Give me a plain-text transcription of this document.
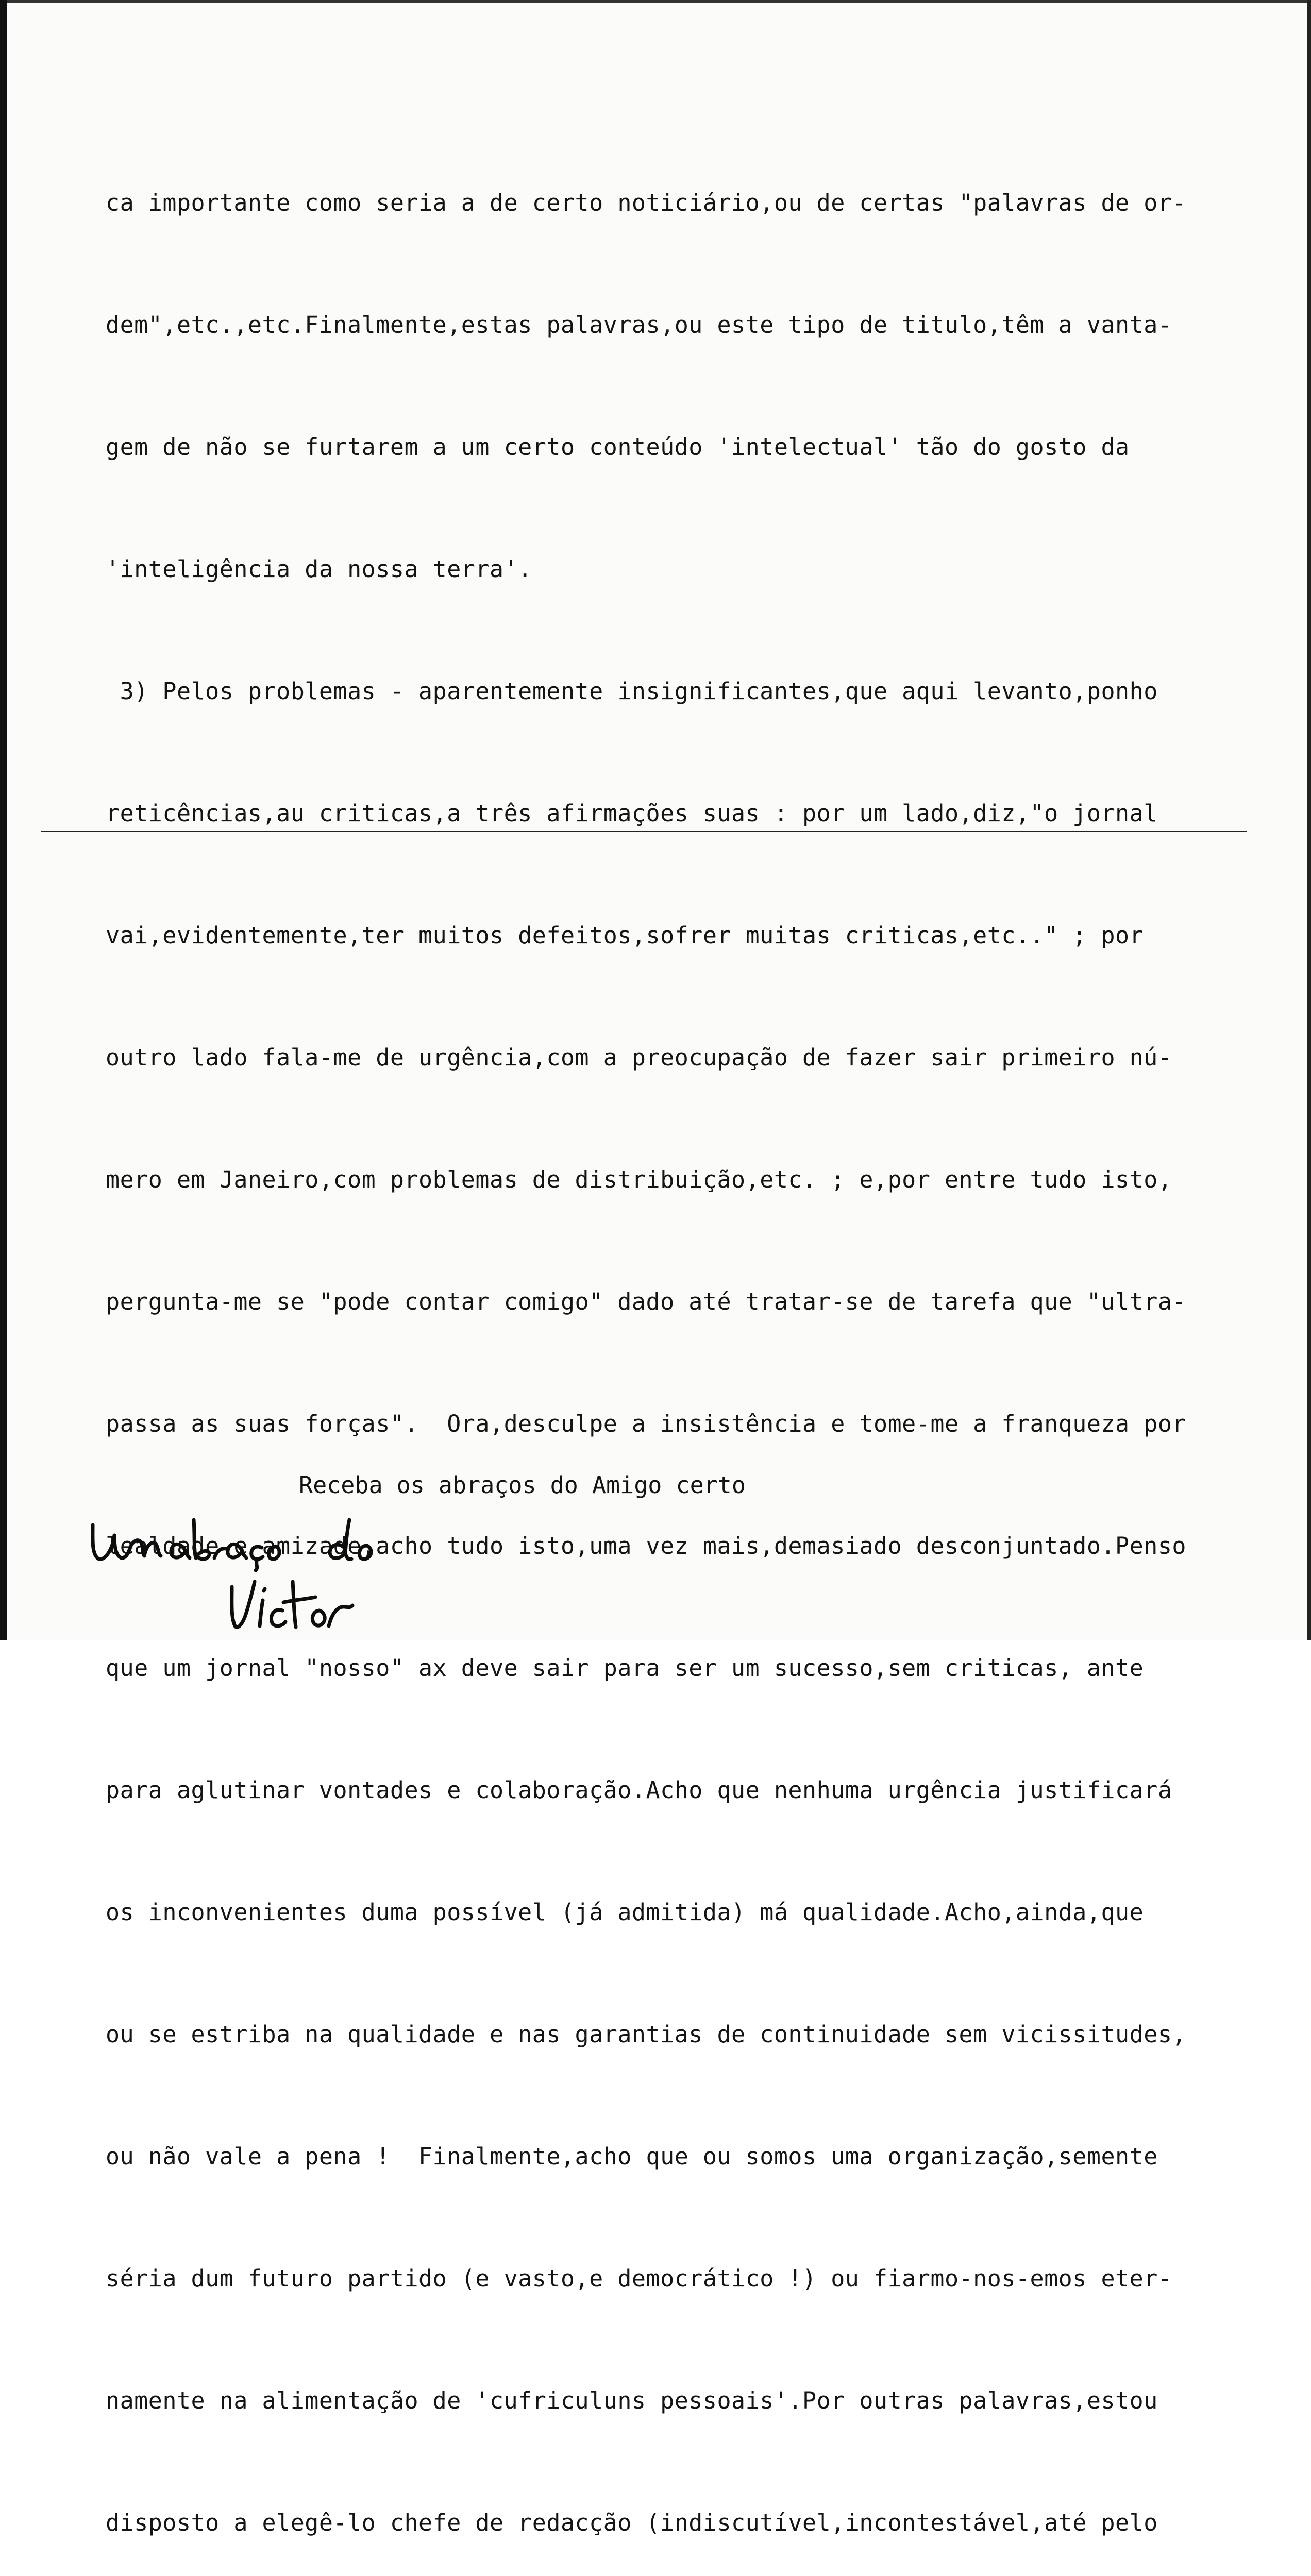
ca importante como seria a de certo noticiário,ou de certas "palavras de or-

dem",etc.,etc.Finalmente,estas palavras,ou este tipo de titulo,têm a vanta-

gem de não se furtarem a um certo conteúdo 'intelectual' tão do gosto da

'inteligência da nossa terra'.

3) Pelos problemas - aparentemente insignificantes,que aqui levanto,ponho

reticências,au criticas,a três afirmações suas : por um lado,diz,"o jornal

vai,evidentemente,ter muitos defeitos,sofrer muitas criticas,etc.." ; por

outro lado fala-me de urgência,com a preocupação de fazer sair primeiro nú-

mero em Janeiro,com problemas de distribuição,etc. ; e,por entre tudo isto,

pergunta-me se "pode contar comigo" dado até tratar-se de tarefa que "ultra-

passa as suas forças".  Ora,desculpe a insistência e tome-me a franqueza por

lealdade e amizade,acho tudo isto,uma vez mais,demasiado desconjuntado.Penso

que um jornal "nosso" ax deve sair para ser um sucesso,sem criticas, ante

para aglutinar vontades e colaboração.Acho que nenhuma urgência justificará

os inconvenientes duma possível (já admitida) má qualidade.Acho,ainda,que

ou se estriba na qualidade e nas garantias de continuidade sem vicissitudes,

ou não vale a pena !  Finalmente,acho que ou somos uma organização,semente

séria dum futuro partido (e vasto,e democrático !) ou fiarmo-nos-emos eter-

namente na alimentação de 'cufriculuns pessoais'.Por outras palavras,estou

disposto a elegê-lo chefe de redacção (indiscutível,incontestável,até pelo

Receba os abraços do Amigo certo
